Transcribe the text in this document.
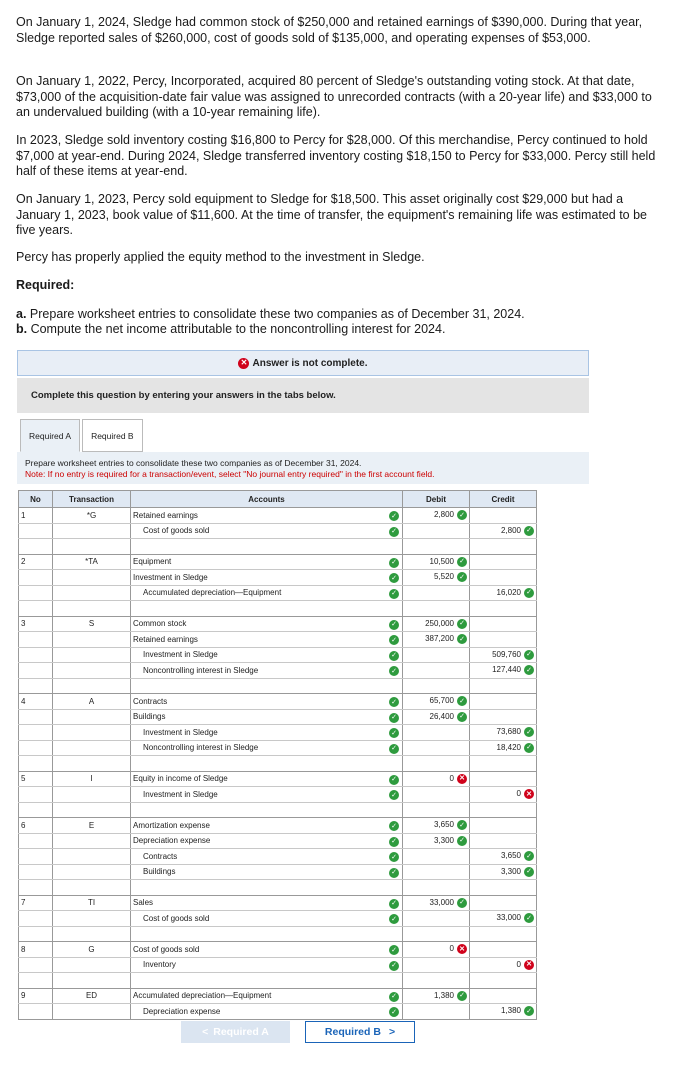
On January 1, 2024, Sledge had common stock of $250,000 and retained earnings of $390,000. During that year, Sledge reported sales of $260,000, cost of goods sold of $135,000, and operating expenses of $53,000.
On January 1, 2022, Percy, Incorporated, acquired 80 percent of Sledge's outstanding voting stock. At that date, $73,000 of the acquisition-date fair value was assigned to unrecorded contracts (with a 20-year life) and $33,000 to an undervalued building (with a 10-year remaining life).
In 2023, Sledge sold inventory costing $16,800 to Percy for $28,000. Of this merchandise, Percy continued to hold $7,000 at year-end. During 2024, Sledge transferred inventory costing $18,150 to Percy for $33,000. Percy still held half of these items at year-end.
On January 1, 2023, Percy sold equipment to Sledge for $18,500. This asset originally cost $29,000 but had a January 1, 2023, book value of $11,600. At the time of transfer, the equipment's remaining life was estimated to be five years.
Percy has properly applied the equity method to the investment in Sledge.
Required:
a. Prepare worksheet entries to consolidate these two companies as of December 31, 2024.
b. Compute the net income attributable to the noncontrolling interest for 2024.
✕ Answer is not complete.
Complete this question by entering your answers in the tabs below.
Required A	Required B
Prepare worksheet entries to consolidate these two companies as of December 31, 2024.
Note: If no entry is required for a transaction/event, select "No journal entry required" in the first account field.
No	Transaction	Accounts	Debit	Credit
1	*G	Retained earnings ✓	2,800 ✓	
		Cost of goods sold ✓		2,800 ✓

2	*TA	Equipment ✓	10,500 ✓	
		Investment in Sledge ✓	5,520 ✓	
		Accumulated depreciation—Equipment ✓		16,020 ✓

3	S	Common stock ✓	250,000 ✓	
		Retained earnings ✓	387,200 ✓	
		Investment in Sledge ✓		509,760 ✓
		Noncontrolling interest in Sledge ✓		127,440 ✓

4	A	Contracts ✓	65,700 ✓	
		Buildings ✓	26,400 ✓	
		Investment in Sledge ✓		73,680 ✓
		Noncontrolling interest in Sledge ✓		18,420 ✓

5	I	Equity in income of Sledge ✓	0 ✕	
		Investment in Sledge ✓		0 ✕

6	E	Amortization expense ✓	3,650 ✓	
		Depreciation expense ✓	3,300 ✓	
		Contracts ✓		3,650 ✓
		Buildings ✓		3,300 ✓

7	TI	Sales ✓	33,000 ✓	
		Cost of goods sold ✓		33,000 ✓

8	G	Cost of goods sold ✓	0 ✕	
		Inventory ✓		0 ✕

9	ED	Accumulated depreciation—Equipment ✓	1,380 ✓	
		Depreciation expense ✓		1,380 ✓
< Required A	Required B >
